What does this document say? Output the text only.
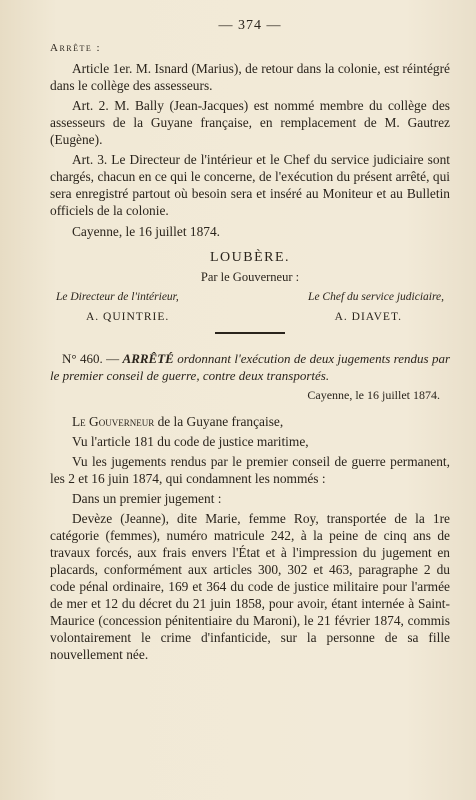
— 374 —
Arrête :

Article 1er. M. Isnard (Marius), de retour dans la colonie, est réintégré dans le collège des assesseurs.

Art. 2. M. Bally (Jean-Jacques) est nommé membre du collège des assesseurs de la Guyane française, en remplacement de M. Gautrez (Eugène).

Art. 3. Le Directeur de l'intérieur et le Chef du service judiciaire sont chargés, chacun en ce qui le concerne, de l'exécution du présent arrêté, qui sera enregistré partout où besoin sera et inséré au Moniteur et au Bulletin officiels de la colonie.

Cayenne, le 16 juillet 1874.

LOUBÈRE.
Par le Gouverneur :
Le Directeur de l'intérieur,	Le Chef du service judiciaire,
A. QUINTRIE.	A. DIAVET.

N° 460. — ARRÊTÉ ordonnant l'exécution de deux jugements rendus par le premier conseil de guerre, contre deux transportés.

Cayenne, le 16 juillet 1874.

Le Gouverneur de la Guyane française,

Vu l'article 181 du code de justice maritime,

Vu les jugements rendus par le premier conseil de guerre permanent, les 2 et 16 juin 1874, qui condamnent les nommés :

Dans un premier jugement :

Devèze (Jeanne), dite Marie, femme Roy, transportée de la 1re catégorie (femmes), numéro matricule 242, à la peine de cinq ans de travaux forcés, aux frais envers l'État et à l'impression du jugement en placards, conformément aux articles 300, 302 et 463, paragraphe 2 du code pénal ordinaire, 169 et 364 du code de justice militaire pour l'armée de mer et 12 du décret du 21 juin 1858, pour avoir, étant internée à Saint-Maurice (concession pénitentiaire du Maroni), le 21 février 1874, commis volontairement le crime d'infanticide, sur la personne de sa fille nouvellement née.
